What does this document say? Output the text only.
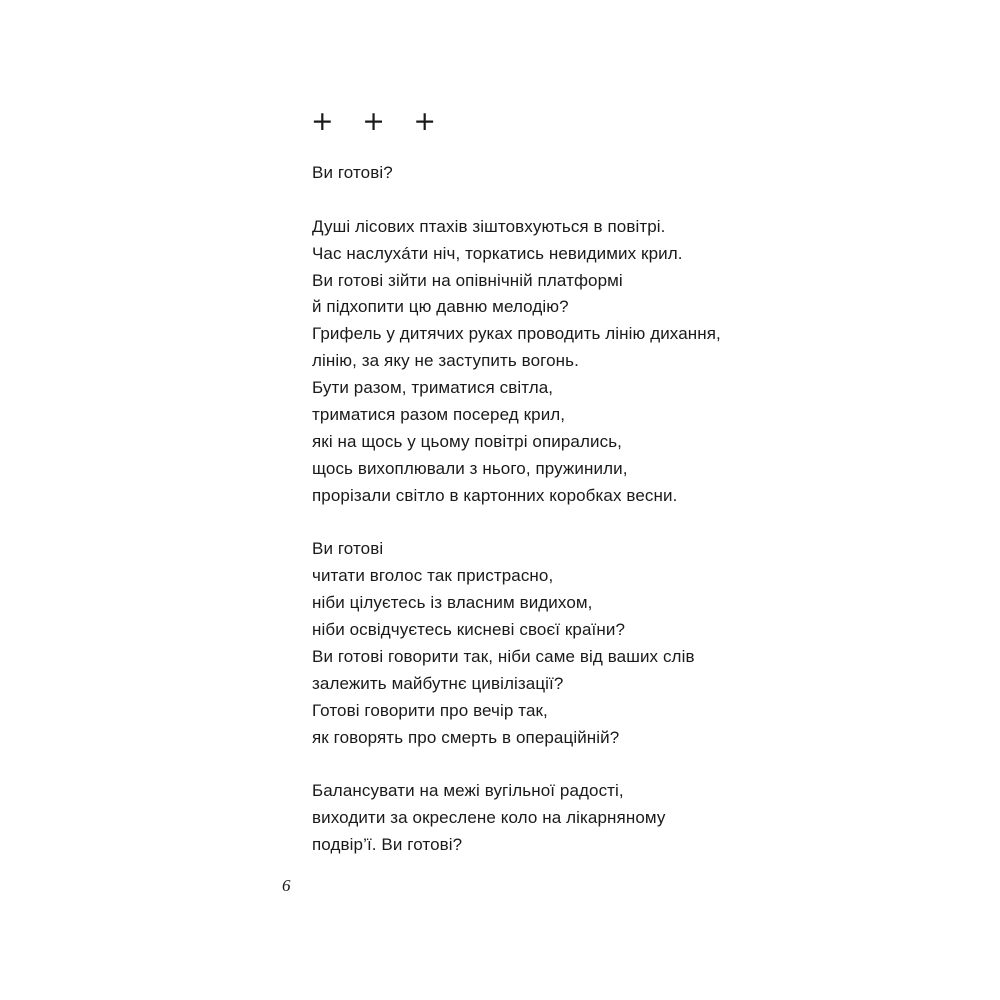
+ + +
Ви готові?
Душі лісових птахів зіштовхуються в повітрі.
Час наслухáти ніч, торкатись невидимих крил.
Ви готові зійти на опівнічній платформі
й підхопити цю давню мелодію?
Грифель у дитячих руках проводить лінію дихання,
лінію, за яку не заступить вогонь.
Бути разом, триматися світла,
триматися разом посеред крил,
які на щось у цьому повітрі опирались,
щось вихоплювали з нього, пружинили,
прорізали світло в картонних коробках весни.
Ви готові
читати вголос так пристрасно,
ніби цілуєтесь із власним видихом,
ніби освідчуєтесь кисневі своєї країни?
Ви готові говорити так, ніби саме від ваших слів
залежить майбутнє цивілізації?
Готові говорити про вечір так,
як говорять про смерть в операційній?
Балансувати на межі вугільної радості,
виходити за окреслене коло на лікарняному
подвір’ї. Ви готові?
6
